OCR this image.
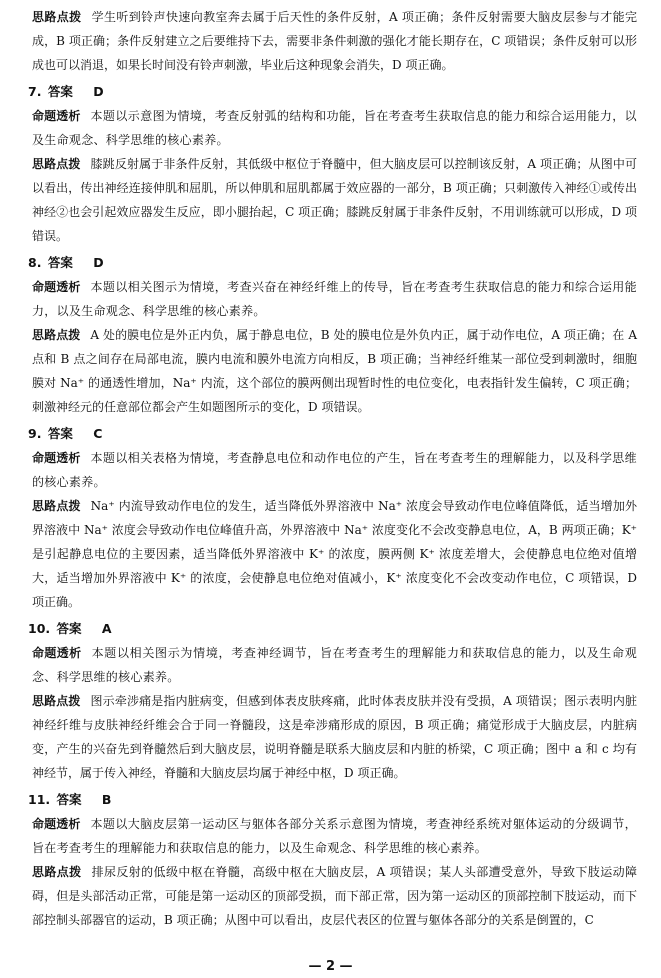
思路点拨 学生听到铃声快速向教室奔去属于后天性的条件反射，A 项正确；条件反射需要大脑皮层参与才能完成，B 项正确；条件反射建立之后要维持下去，需要非条件刺激的强化才能长期存在，C 项错误；条件反射可以形成也可以消退，如果长时间没有铃声刺激，毕业后这种现象会消失，D 项正确。

7. 答案 D

命题透析 本题以示意图为情境，考查反射弧的结构和功能，旨在考查考生获取信息的能力和综合运用能力，以及生命观念、科学思维的核心素养。

思路点拨 膝跳反射属于非条件反射，其低级中枢位于脊髓中，但大脑皮层可以控制该反射，A 项正确；从图中可以看出，传出神经连接伸肌和屈肌，所以伸肌和屈肌都属于效应器的一部分，B 项正确；只刺激传入神经①或传出神经②也会引起效应器发生反应，即小腿抬起，C 项正确；膝跳反射属于非条件反射，不用训练就可以形成，D 项错误。

8. 答案 D

命题透析 本题以相关图示为情境，考查兴奋在神经纤维上的传导，旨在考查考生获取信息的能力和综合运用能力，以及生命观念、科学思维的核心素养。

思路点拨 A 处的膜电位是外正内负，属于静息电位，B 处的膜电位是外负内正，属于动作电位，A 项正确；在 A 点和 B 点之间存在局部电流，膜内电流和膜外电流方向相反，B 项正确；当神经纤维某一部位受到刺激时，细胞膜对 Na⁺ 的通透性增加，Na⁺ 内流，这个部位的膜两侧出现暂时性的电位变化，电表指针发生偏转，C 项正确；刺激神经元的任意部位都会产生如题图所示的变化，D 项错误。

9. 答案 C

命题透析 本题以相关表格为情境，考查静息电位和动作电位的产生，旨在考查考生的理解能力，以及科学思维的核心素养。

思路点拨 Na⁺ 内流导致动作电位的发生，适当降低外界溶液中 Na⁺ 浓度会导致动作电位峰值降低，适当增加外界溶液中 Na⁺ 浓度会导致动作电位峰值升高，外界溶液中 Na⁺ 浓度变化不会改变静息电位，A，B 两项正确；K⁺ 是引起静息电位的主要因素，适当降低外界溶液中 K⁺ 的浓度，膜两侧 K⁺ 浓度差增大，会使静息电位绝对值增大，适当增加外界溶液中 K⁺ 的浓度，会使静息电位绝对值减小，K⁺ 浓度变化不会改变动作电位，C 项错误，D 项正确。

10. 答案 A

命题透析 本题以相关图示为情境，考查神经调节，旨在考查考生的理解能力和获取信息的能力，以及生命观念、科学思维的核心素养。

思路点拨 图示牵涉痛是指内脏病变，但感到体表皮肤疼痛，此时体表皮肤并没有受损，A 项错误；图示表明内脏神经纤维与皮肤神经纤维会合于同一脊髓段，这是牵涉痛形成的原因，B 项正确；痛觉形成于大脑皮层，内脏病变，产生的兴奋先到脊髓然后到大脑皮层，说明脊髓是联系大脑皮层和内脏的桥梁，C 项正确；图中 a 和 c 均有神经节，属于传入神经，脊髓和大脑皮层均属于神经中枢，D 项正确。

11. 答案 B

命题透析 本题以大脑皮层第一运动区与躯体各部分关系示意图为情境，考查神经系统对躯体运动的分级调节，旨在考查考生的理解能力和获取信息的能力，以及生命观念、科学思维的核心素养。

思路点拨 排尿反射的低级中枢在脊髓，高级中枢在大脑皮层，A 项错误；某人头部遭受意外，导致下肢运动障碍，但是头部活动正常，可能是第一运动区的顶部受损，而下部正常，因为第一运动区的顶部控制下肢运动，而下部控制头部器官的运动，B 项正确；从图中可以看出，皮层代表区的位置与躯体各部分的关系是倒置的，C

— 2 —
